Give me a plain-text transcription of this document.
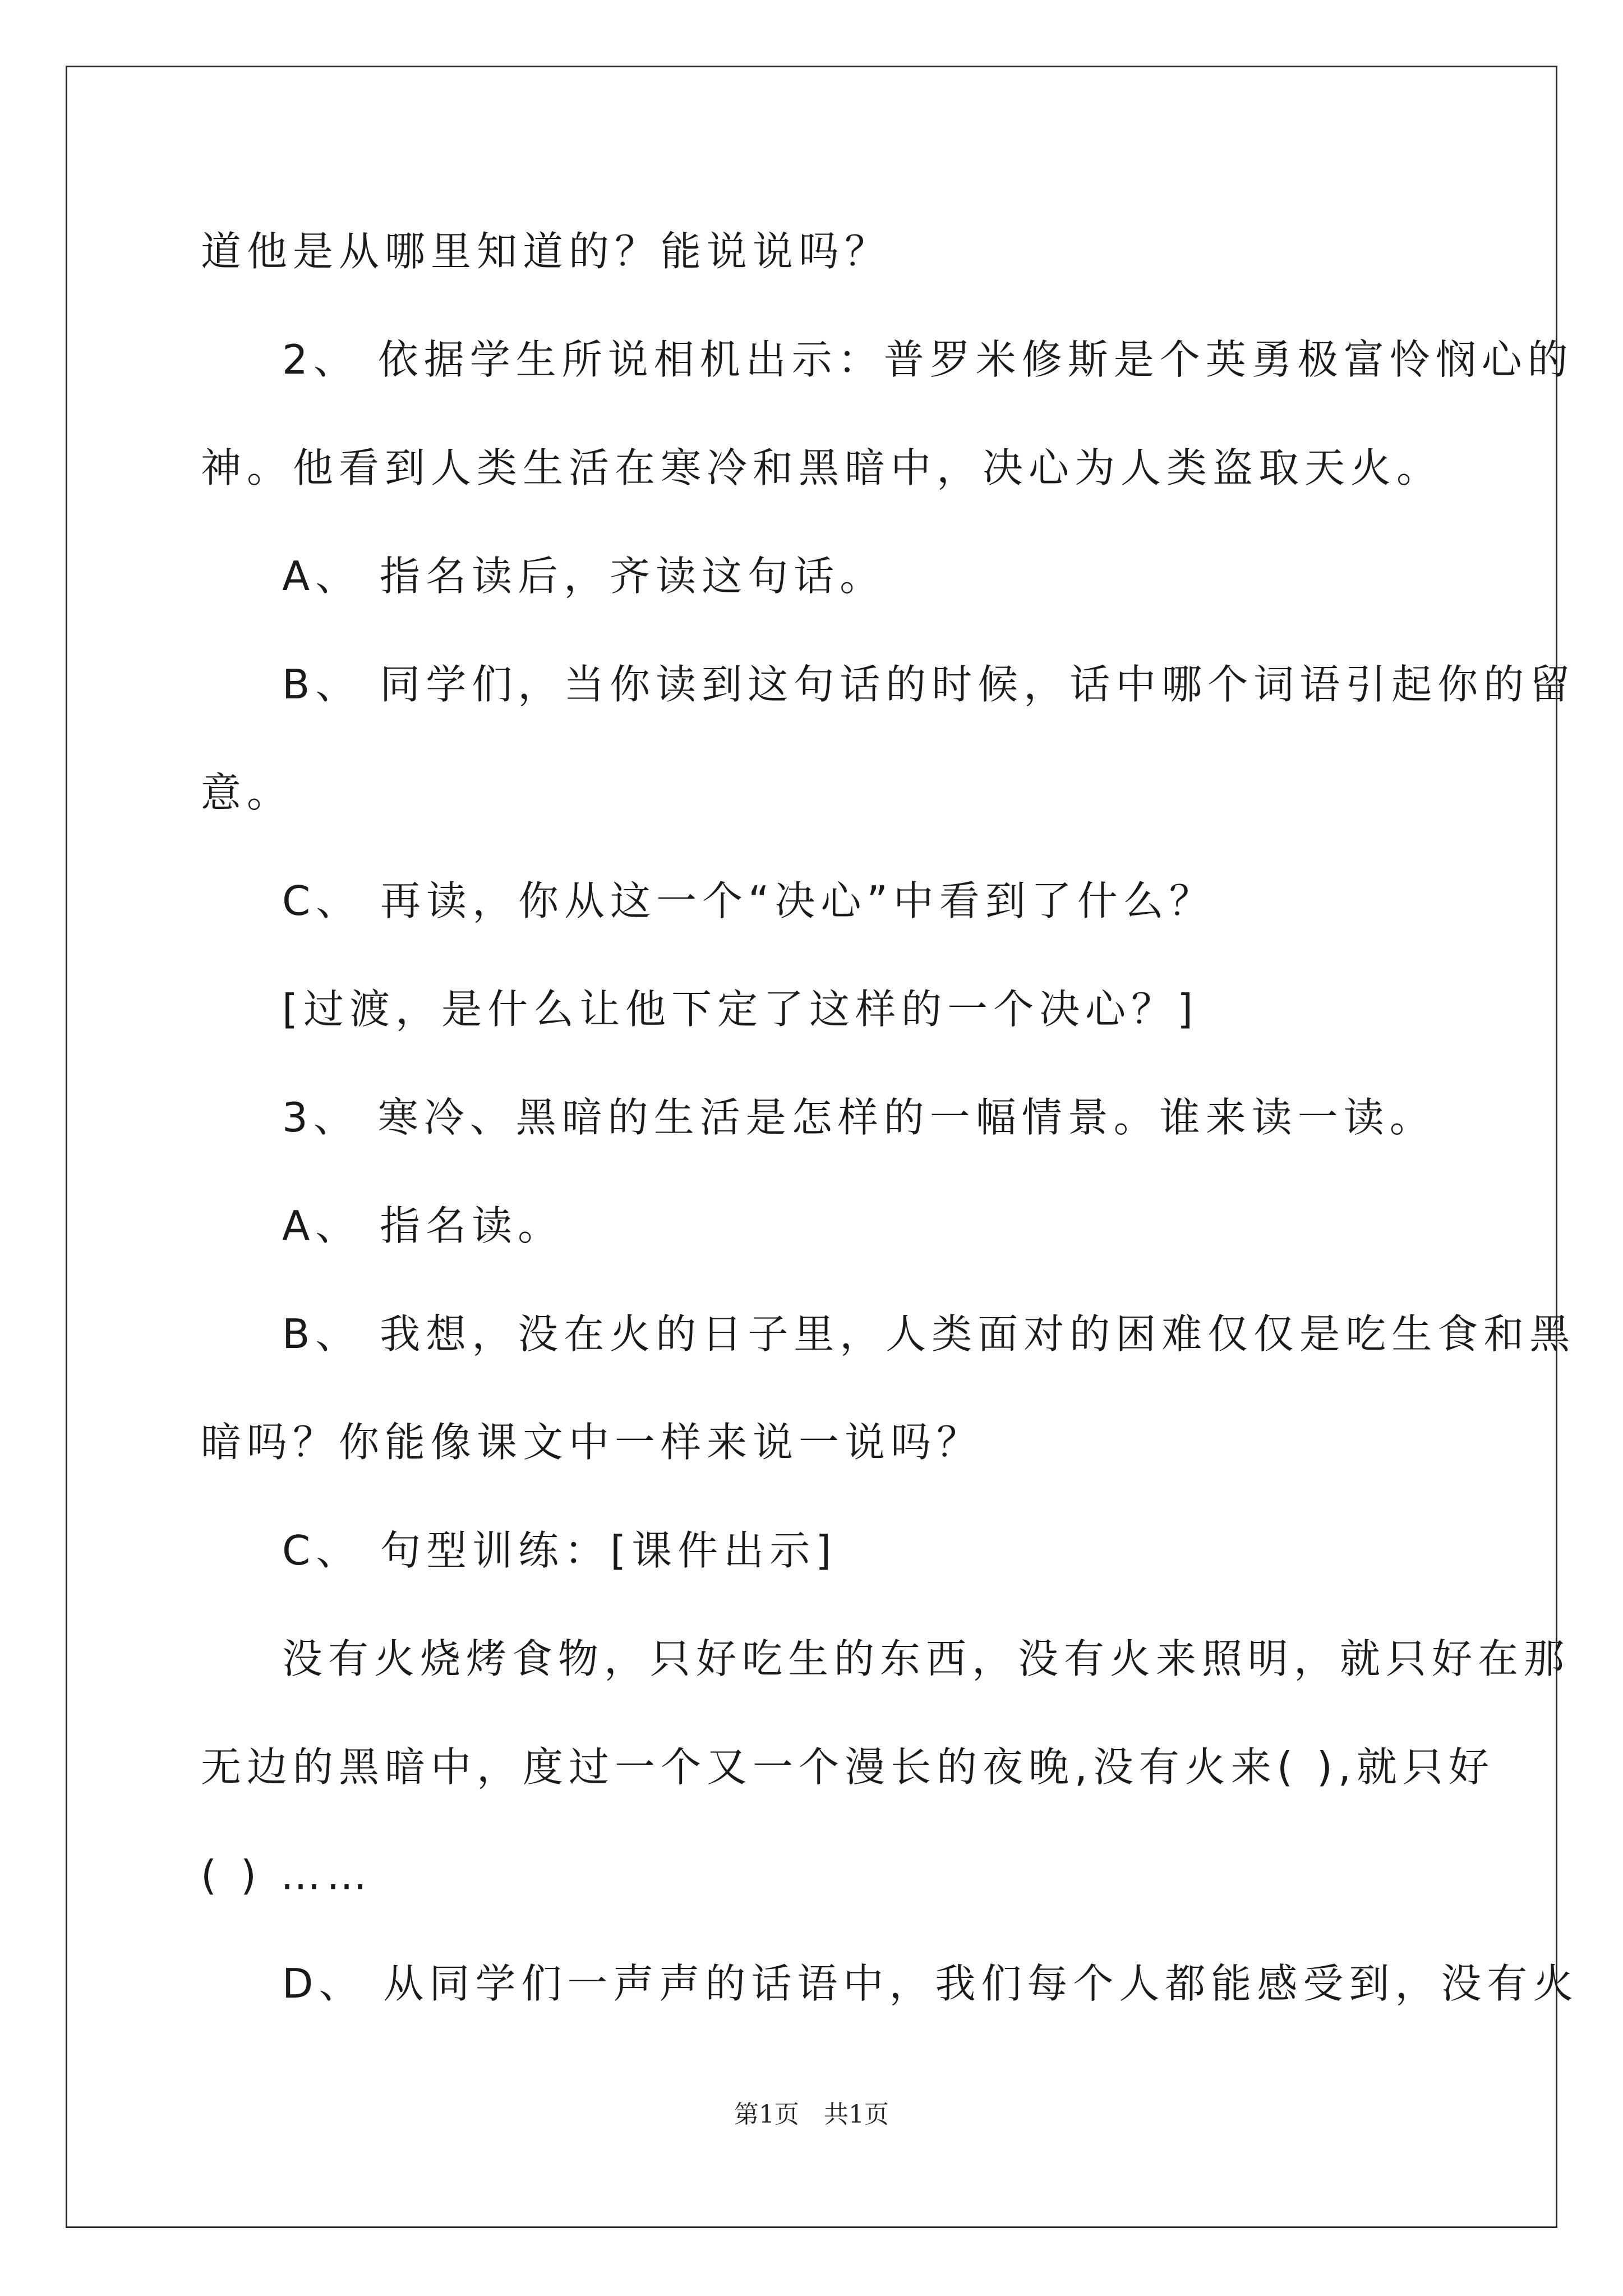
道他是从哪里知道的？能说说吗？
2、 依据学生所说相机出示：普罗米修斯是个英勇极富怜悯心的
神。他看到人类生活在寒冷和黑暗中，决心为人类盗取天火。
A、 指名读后，齐读这句话。
B、 同学们，当你读到这句话的时候，话中哪个词语引起你的留
意。
C、 再读，你从这一个“决心”中看到了什么？
[过渡，是什么让他下定了这样的一个决心？]
3、 寒冷、黑暗的生活是怎样的一幅情景。谁来读一读。
A、 指名读。
B、 我想，没在火的日子里，人类面对的困难仅仅是吃生食和黑
暗吗？你能像课文中一样来说一说吗？
C、 句型训练：[课件出示]
没有火烧烤食物，只好吃生的东西，没有火来照明，就只好在那
无边的黑暗中，度过一个又一个漫长的夜晚,没有火来( ),就只好
( ) ……
D、 从同学们一声声的话语中，我们每个人都能感受到，没有火
第1页　共1页
